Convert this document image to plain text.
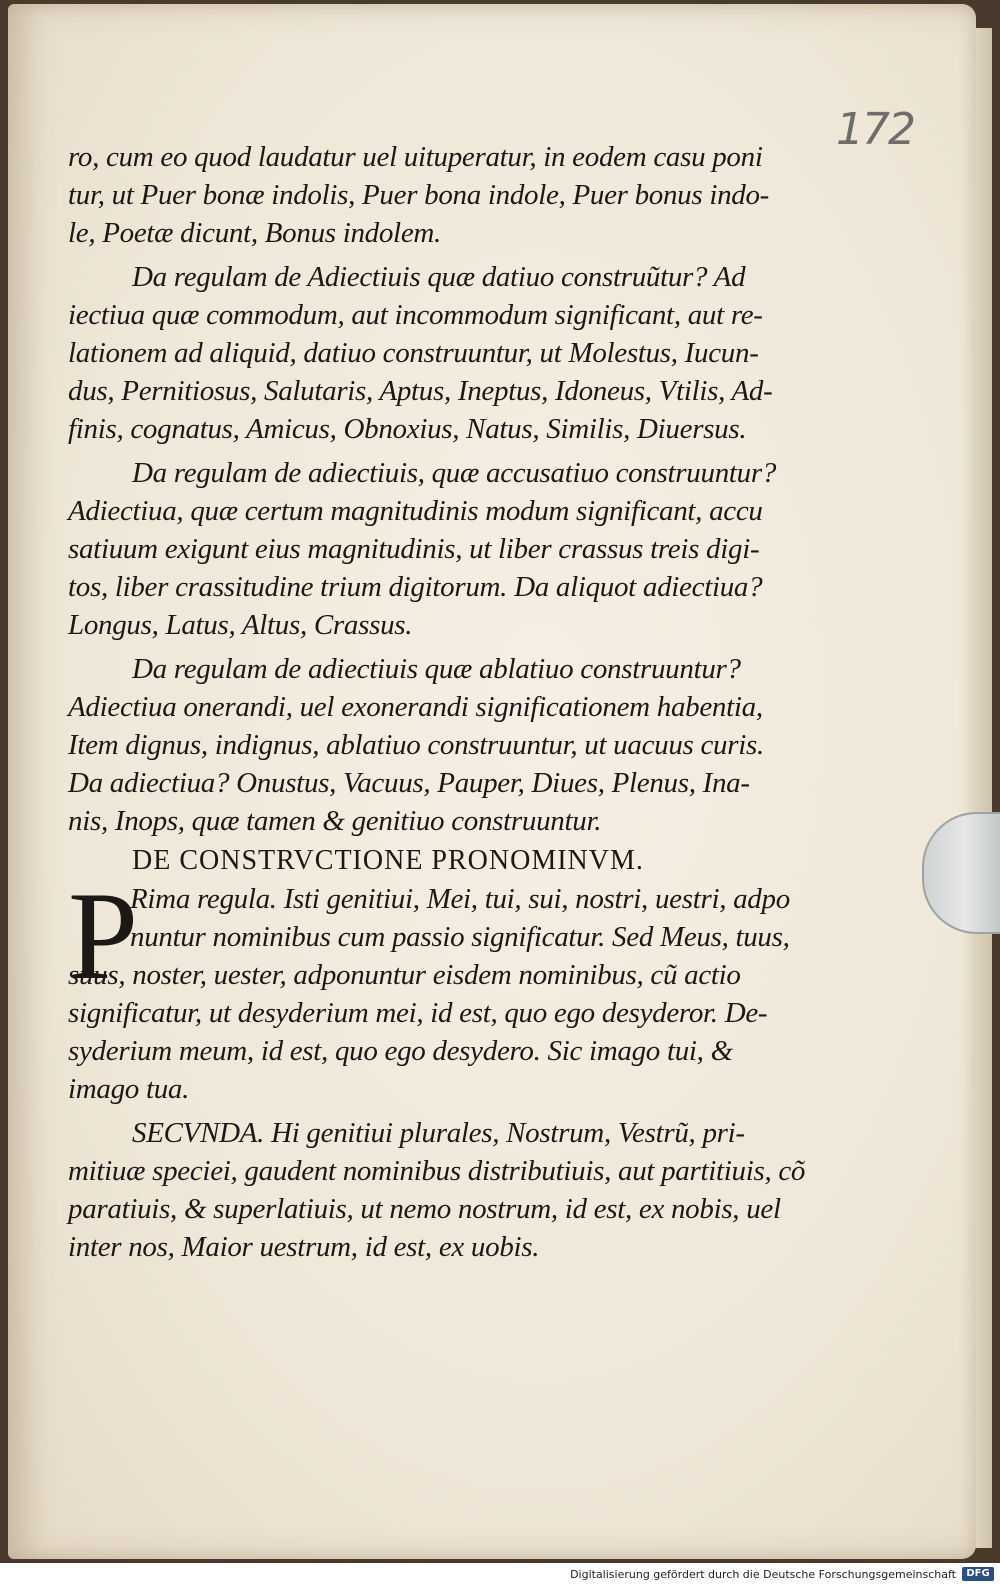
172
ro, cum eo quod laudatur uel uituperatur, in eodem casu poni
tur, ut Puer bonæ indolis, Puer bona indole, Puer bonus indo-
le, Poetæ dicunt, Bonus indolem.
Da regulam de Adiectiuis quæ datiuo construũtur? Ad
iectiua quæ commodum, aut incommodum significant, aut re-
lationem ad aliquid, datiuo construuntur, ut Molestus, Iucun-
dus, Pernitiosus, Salutaris, Aptus, Ineptus, Idoneus, Vtilis, Ad-
finis, cognatus, Amicus, Obnoxius, Natus, Similis, Diuersus.
Da regulam de adiectiuis, quæ accusatiuo construuntur?
Adiectiua, quæ certum magnitudinis modum significant, accu
satiuum exigunt eius magnitudinis, ut liber crassus treis digi-
tos, liber crassitudine trium digitorum. Da aliquot adiectiua?
Longus, Latus, Altus, Crassus.
Da regulam de adiectiuis quæ ablatiuo construuntur?
Adiectiua onerandi, uel exonerandi significationem habentia,
Item dignus, indignus, ablatiuo construuntur, ut uacuus curis.
Da adiectiua? Onustus, Vacuus, Pauper, Diues, Plenus, Ina-
nis, Inops, quæ tamen & genitiuo construuntur.
DE CONSTRVCTIONE PRONOMINVM.
P
Rima regula. Isti genitiui, Mei, tui, sui, nostri, uestri, adpo
nuntur nominibus cum passio significatur. Sed Meus, tuus,
suus, noster, uester, adponuntur eisdem nominibus, cũ actio
significatur, ut desyderium mei, id est, quo ego desyderor. De-
syderium meum, id est, quo ego desydero. Sic imago tui, &
imago tua.
SECVNDA. Hi genitiui plurales, Nostrum, Vestrũ, pri-
mitiuæ speciei, gaudent nominibus distributiuis, aut partitiuis, cõ
paratiuis, & superlatiuis, ut nemo nostrum, id est, ex nobis, uel
inter nos, Maior uestrum, id est, ex uobis.
Digitalisierung gefördert durch die Deutsche Forschungsgemeinschaft	DFG
